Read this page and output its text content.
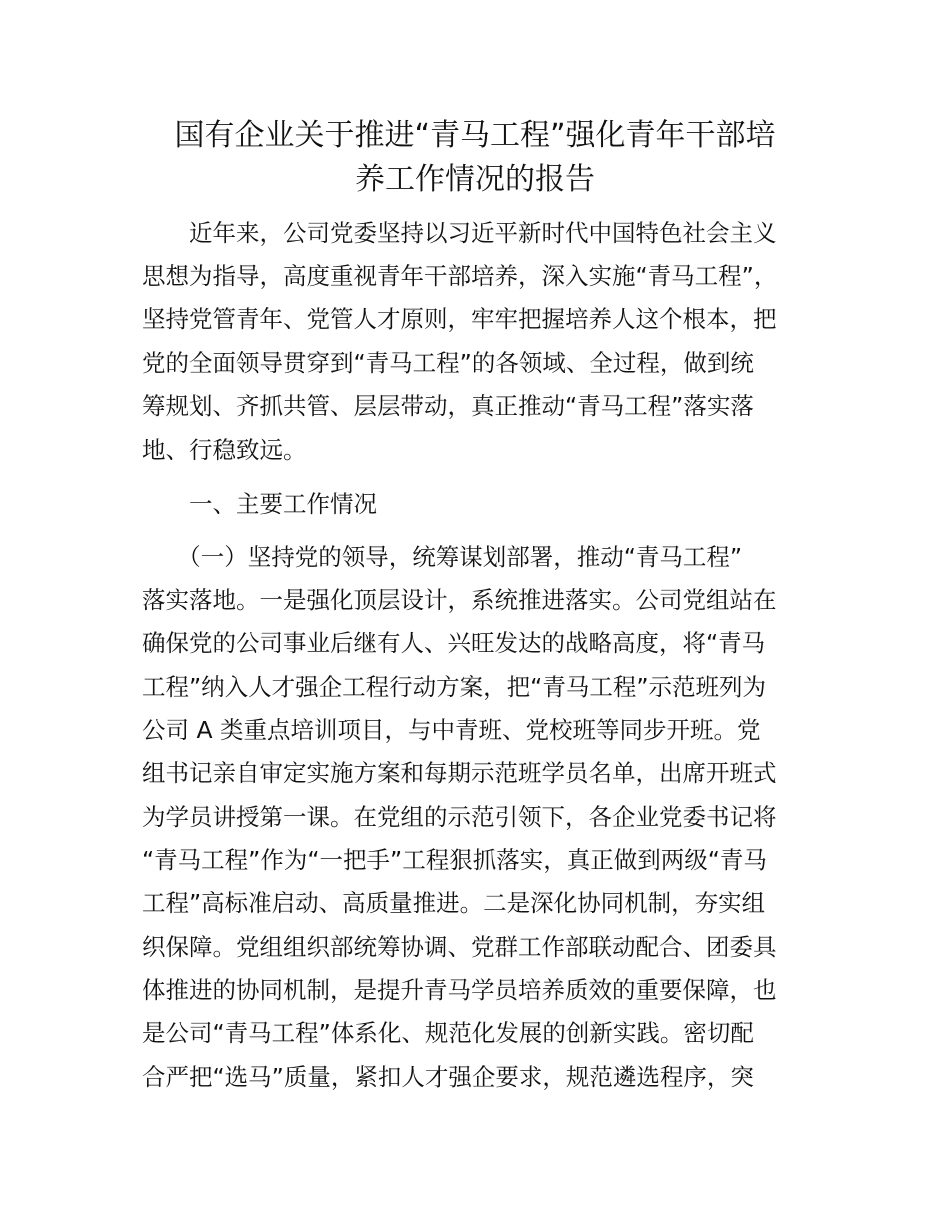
国有企业关于推进“青马工程”强化青年干部培
养工作情况的报告

　　近年来，公司党委坚持以习近平新时代中国特色社会主义

思想为指导，高度重视青年干部培养，深入实施“青马工程”，

坚持党管青年、党管人才原则，牢牢把握培养人这个根本，把

党的全面领导贯穿到“青马工程”的各领域、全过程，做到统

筹规划、齐抓共管、层层带动，真正推动“青马工程”落实落

地、行稳致远。

　　一、主要工作情况

　　（一）坚持党的领导，统筹谋划部署，推动“青马工程”

落实落地。一是强化顶层设计，系统推进落实。公司党组站在

确保党的公司事业后继有人、兴旺发达的战略高度，将“青马

工程”纳入人才强企工程行动方案，把“青马工程”示范班列为

公司 A 类重点培训项目，与中青班、党校班等同步开班。党

组书记亲自审定实施方案和每期示范班学员名单，出席开班式

为学员讲授第一课。在党组的示范引领下，各企业党委书记将

“青马工程”作为“一把手”工程狠抓落实，真正做到两级“青马

工程”高标准启动、高质量推进。二是深化协同机制，夯实组

织保障。党组组织部统筹协调、党群工作部联动配合、团委具

体推进的协同机制，是提升青马学员培养质效的重要保障，也

是公司“青马工程”体系化、规范化发展的创新实践。密切配

合严把“选马”质量，紧扣人才强企要求，规范遴选程序，突
